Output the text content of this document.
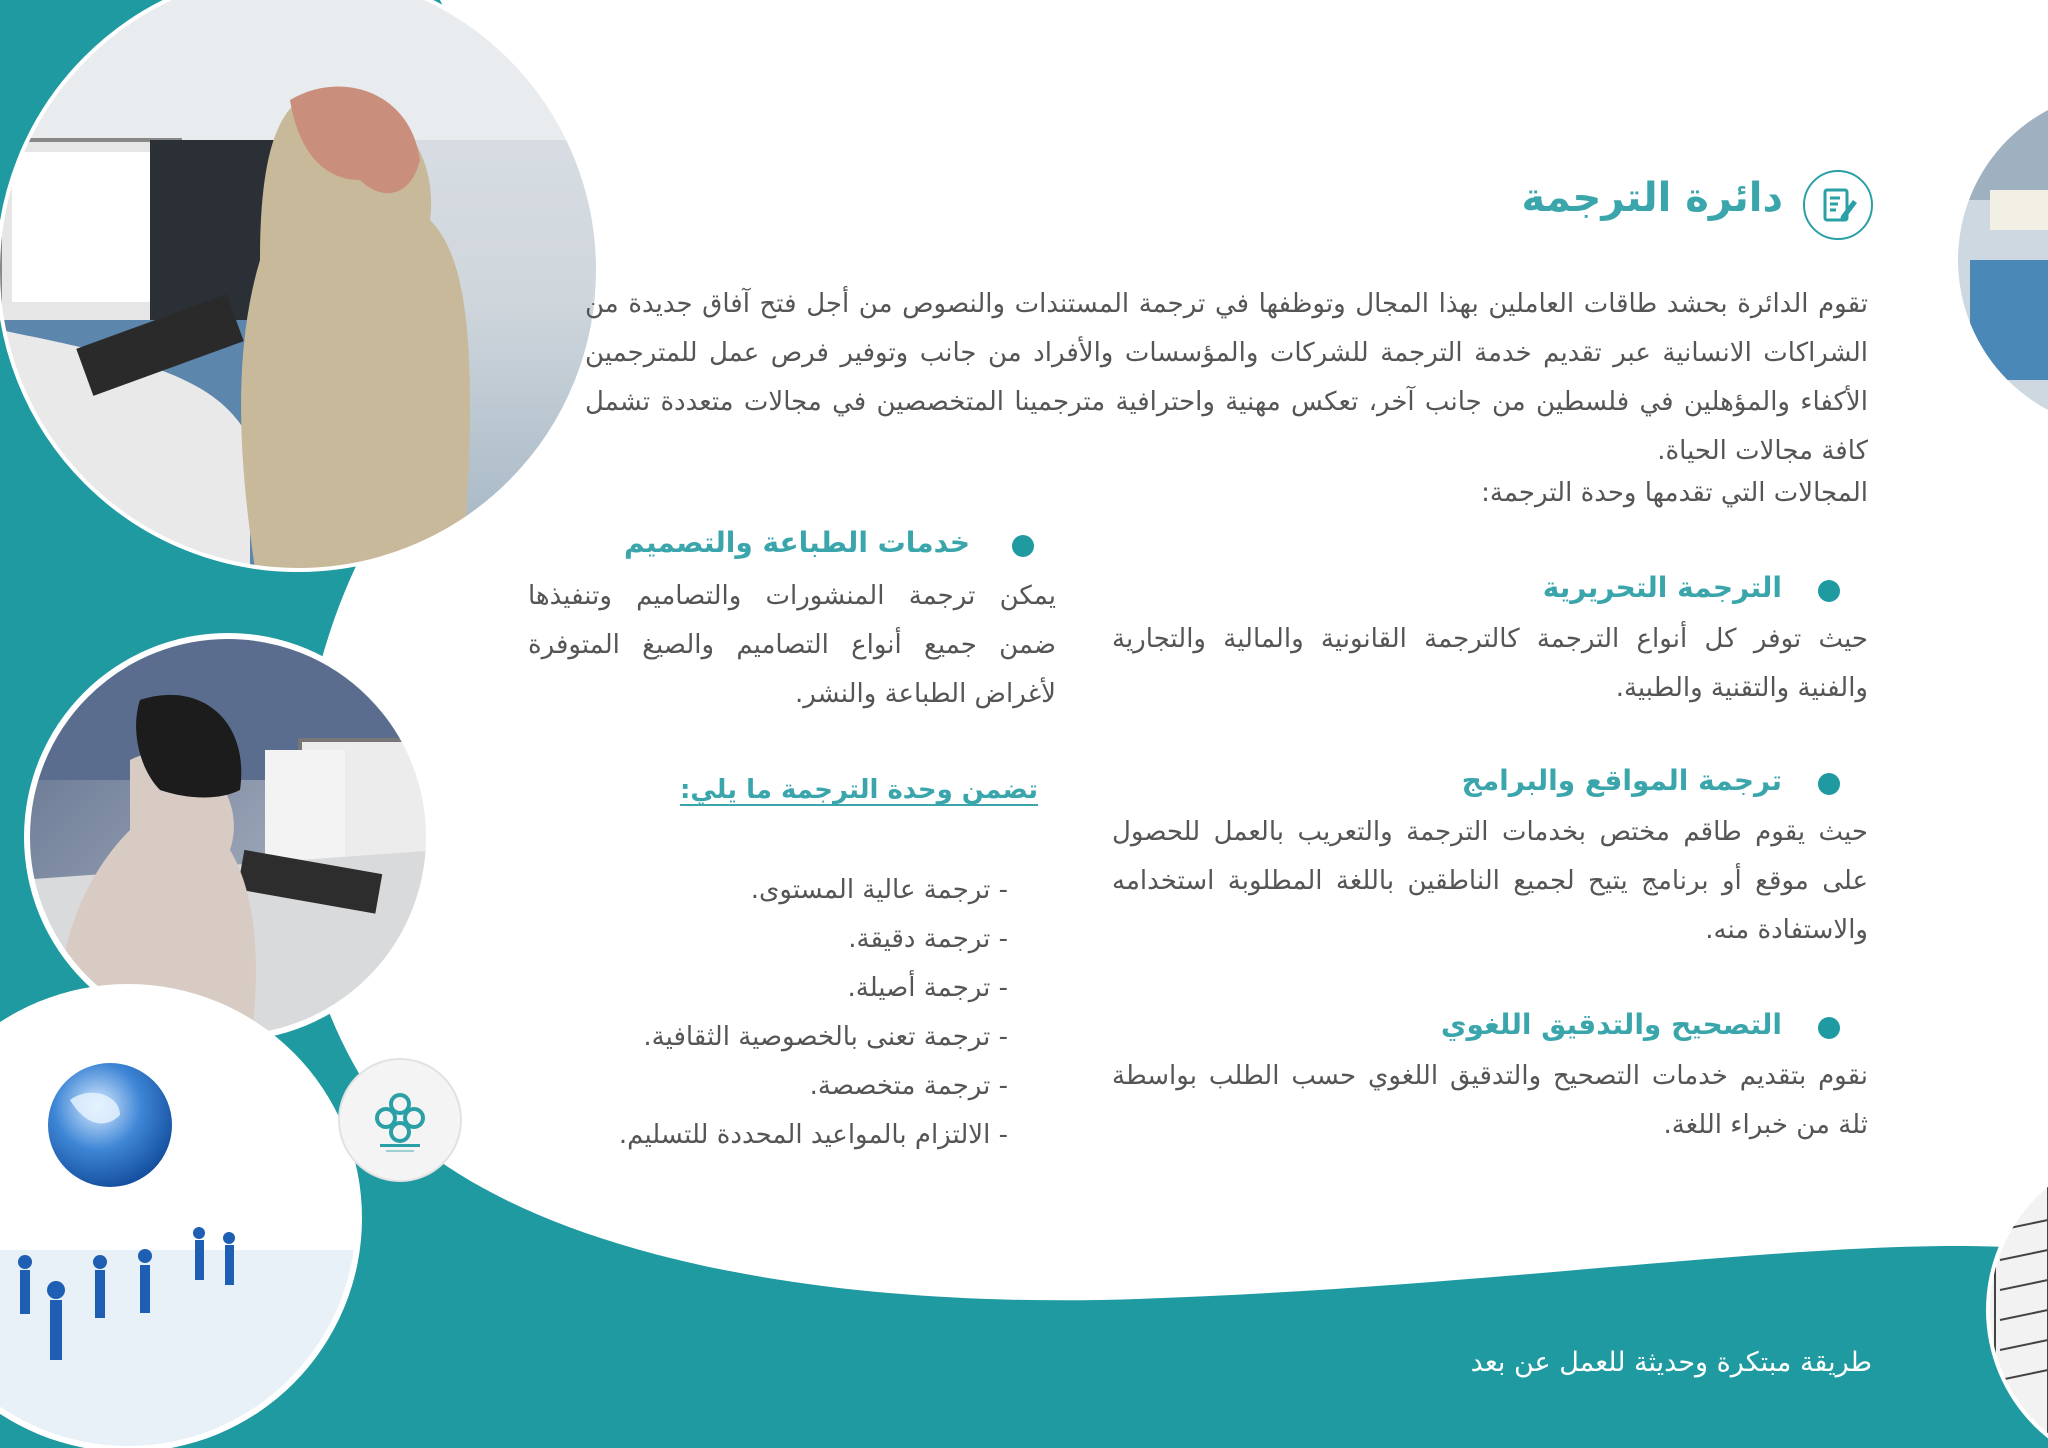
دائرة الترجمة
تقوم الدائرة بحشد طاقات العاملين بهذا المجال وتوظفها في ترجمة المستندات والنصوص من أجل فتح آفاق جديدة من الشراكات الانسانية عبر تقديم خدمة الترجمة للشركات والمؤسسات والأفراد من جانب وتوفير فرص عمل للمترجمين الأكفاء والمؤهلين في فلسطين من جانب آخر، تعكس مهنية واحترافية مترجمينا المتخصصين في مجالات متعددة تشمل كافة مجالات الحياة.
المجالات التي تقدمها وحدة الترجمة:
الترجمة التحريرية
حيث توفر كل أنواع الترجمة كالترجمة القانونية والمالية والتجارية والفنية والتقنية والطبية.
ترجمة المواقع والبرامج
حيث يقوم طاقم مختص بخدمات الترجمة والتعريب بالعمل للحصول على موقع أو برنامج يتيح لجميع الناطقين باللغة المطلوبة استخدامه والاستفادة منه.
التصحيح والتدقيق اللغوي
نقوم بتقديم خدمات التصحيح والتدقيق اللغوي حسب الطلب بواسطة ثلة من خبراء اللغة.
خدمات الطباعة والتصميم
يمكن ترجمة المنشورات والتصاميم وتنفيذها ضمن جميع أنواع التصاميم والصيغ المتوفرة لأغراض الطباعة والنشر.
تضمن وحدة الترجمة ما يلي:
- ترجمة عالية المستوى.
- ترجمة دقيقة.
- ترجمة أصيلة.
- ترجمة تعنى بالخصوصية الثقافية.
- ترجمة متخصصة.
- الالتزام بالمواعيد المحددة للتسليم.
طريقة مبتكرة وحديثة للعمل عن بعد
